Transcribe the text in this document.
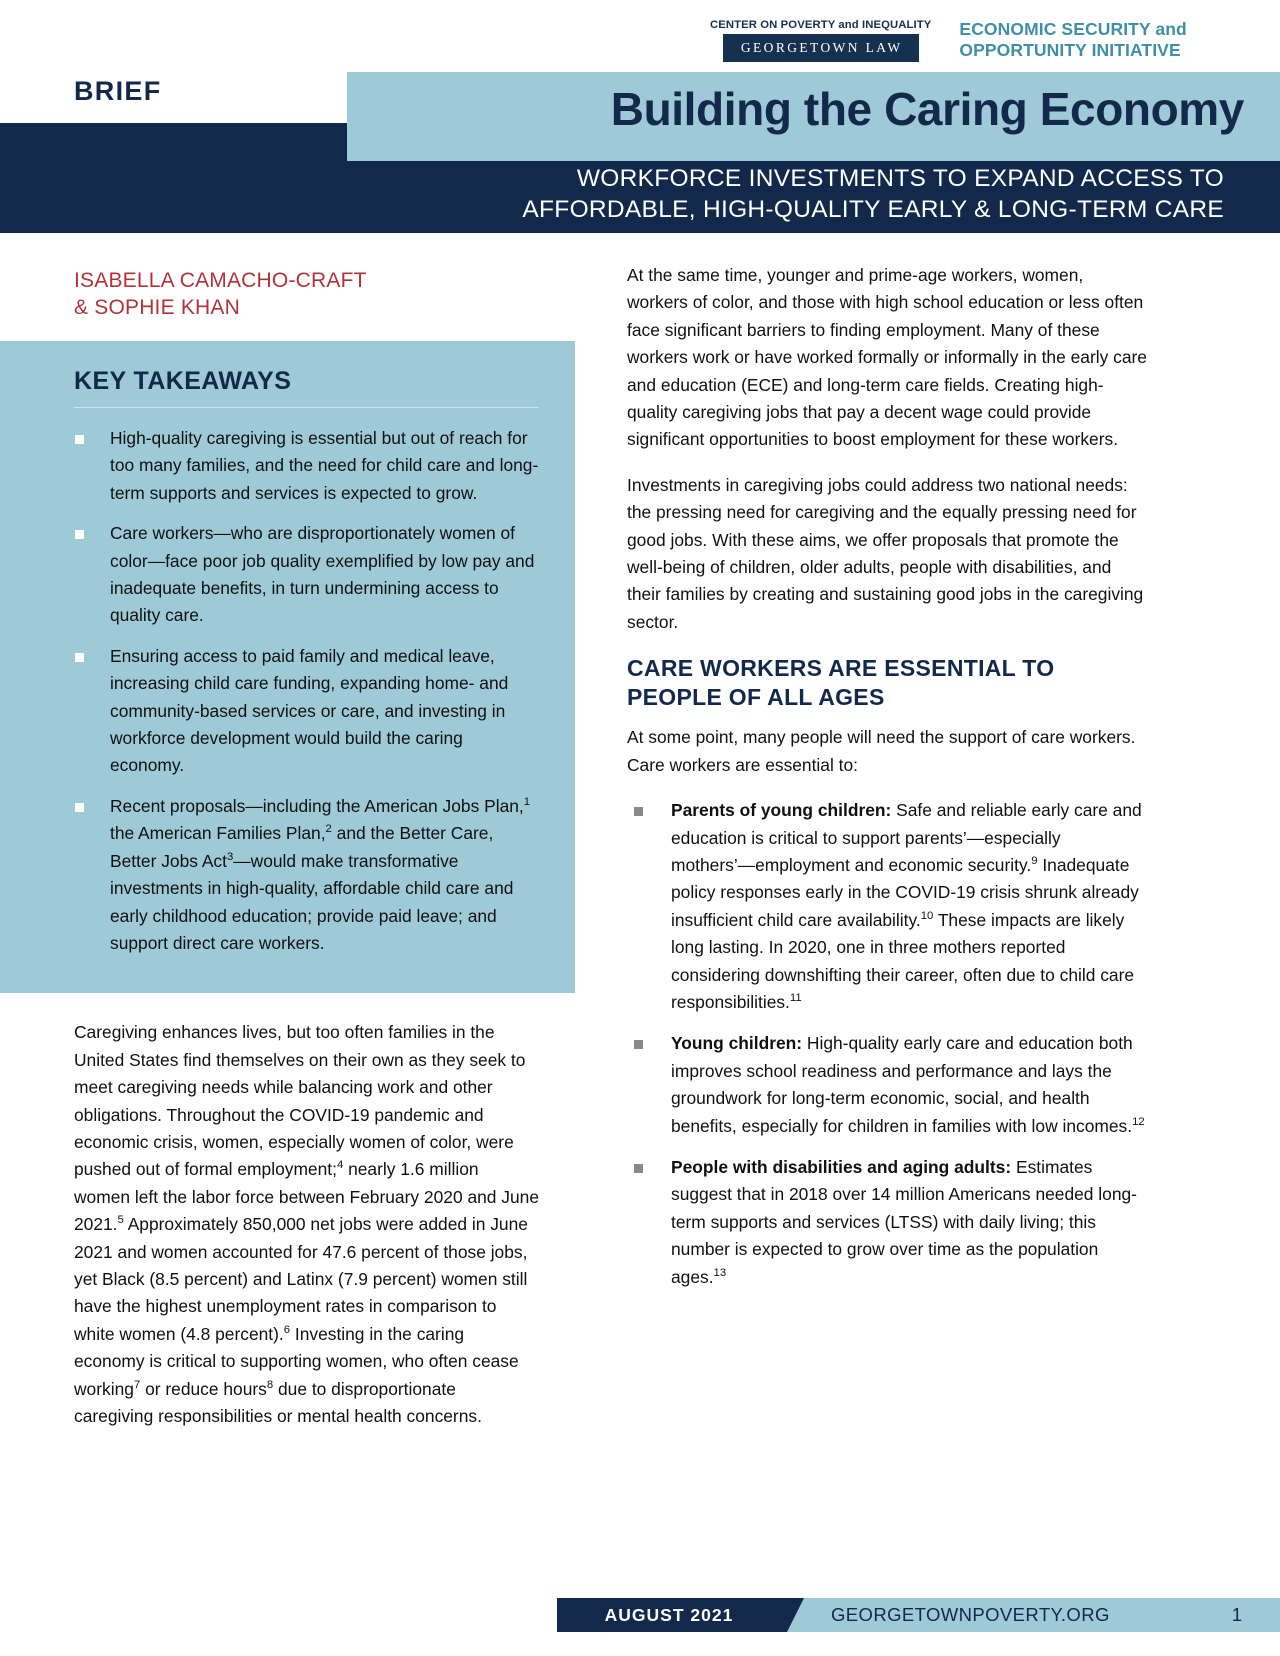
CENTER ON POVERTY and INEQUALITY
GEORGETOWN LAW
ECONOMIC SECURITY and
OPPORTUNITY INITIATIVE
BRIEF	Building the Caring Economy
WORKFORCE INVESTMENTS TO EXPAND ACCESS TO
AFFORDABLE, HIGH-QUALITY EARLY & LONG-TERM CARE
ISABELLA CAMACHO-CRAFT
& SOPHIE KHAN
KEY TAKEAWAYS
High-quality caregiving is essential but out of reach for too many families, and the need for child care and long-term supports and services is expected to grow.
Care workers—who are disproportionately women of color—face poor job quality exemplified by low pay and inadequate benefits, in turn undermining access to quality care.
Ensuring access to paid family and medical leave, increasing child care funding, expanding home- and community-based services or care, and investing in workforce development would build the caring economy.
Recent proposals—including the American Jobs Plan,$^1$ the American Families Plan,$^2$ and the Better Care, Better Jobs Act$^3$—would make transformative investments in high-quality, affordable child care and early childhood education; provide paid leave; and support direct care workers.

Caregiving enhances lives, but too often families in the United States find themselves on their own as they seek to meet caregiving needs while balancing work and other obligations. Throughout the COVID-19 pandemic and economic crisis, women, especially women of color, were pushed out of formal employment;$^4$ nearly 1.6 million women left the labor force between February 2020 and June 2021.$^5$ Approximately 850,000 net jobs were added in June 2021 and women accounted for 47.6 percent of those jobs, yet Black (8.5 percent) and Latinx (7.9 percent) women still have the highest unemployment rates in comparison to white women (4.8 percent).$^6$ Investing in the caring economy is critical to supporting women, who often cease working$^7$ or reduce hours$^8$ due to disproportionate caregiving responsibilities or mental health concerns.

At the same time, younger and prime-age workers, women, workers of color, and those with high school education or less often face significant barriers to finding employment. Many of these workers work or have worked formally or informally in the early care and education (ECE) and long-term care fields. Creating high-quality caregiving jobs that pay a decent wage could provide significant opportunities to boost employment for these workers.

Investments in caregiving jobs could address two national needs: the pressing need for caregiving and the equally pressing need for good jobs. With these aims, we offer proposals that promote the well-being of children, older adults, people with disabilities, and their families by creating and sustaining good jobs in the caregiving sector.

CARE WORKERS ARE ESSENTIAL TO
PEOPLE OF ALL AGES

At some point, many people will need the support of care workers. Care workers are essential to:

Parents of young children: Safe and reliable early care and education is critical to support parents’—especially mothers’—employment and economic security.$^9$ Inadequate policy responses early in the COVID-19 crisis shrunk already insufficient child care availability.$^{10}$ These impacts are likely long lasting. In 2020, one in three mothers reported considering downshifting their career, often due to child care responsibilities.$^{11}$
Young children: High-quality early care and education both improves school readiness and performance and lays the groundwork for long-term economic, social, and health benefits, especially for children in families with low incomes.$^{12}$
People with disabilities and aging adults: Estimates suggest that in 2018 over 14 million Americans needed long-term supports and services (LTSS) with daily living; this number is expected to grow over time as the population ages.$^{13}$
AUGUST 2021	GEORGETOWNPOVERTY.ORG	1
